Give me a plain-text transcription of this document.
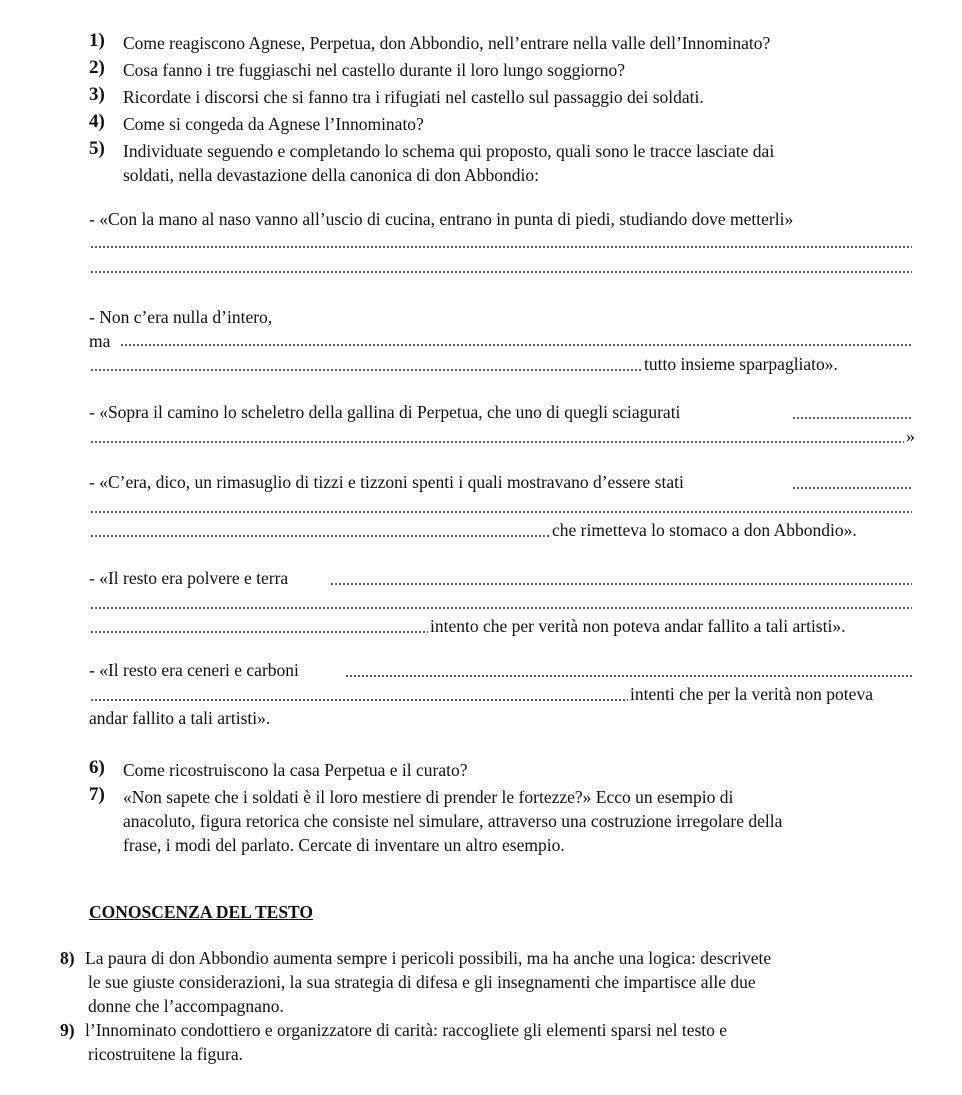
1) Come reagiscono Agnese, Perpetua, don Abbondio, nell’entrare nella valle dell’Innominato?
2) Cosa fanno i tre fuggiaschi nel castello durante il loro lungo soggiorno?
3) Ricordate i discorsi che si fanno tra i rifugiati nel castello sul passaggio dei soldati.
4) Come si congeda da Agnese l’Innominato?
5) Individuate seguendo e completando lo schema qui proposto, quali sono le tracce lasciate dai
soldati, nella devastazione della canonica di don Abbondio:
- «Con la mano al naso vanno all’uscio di cucina, entrano in punta di piedi, studiando dove metterli»
- Non c’era nulla d’intero,
ma
tutto insieme sparpagliato».
- «Sopra il camino lo scheletro della gallina di Perpetua, che uno di quegli sciagurati
»
- «C’era, dico, un rimasuglio di tizzi e tizzoni spenti i quali mostravano d’essere stati
che rimetteva lo stomaco a don Abbondio».
- «Il resto era polvere e terra
intento che per verità non poteva andar fallito a tali artisti».
- «Il resto era ceneri e carboni
intenti che per la verità non poteva
andar fallito a tali artisti».
6) Come ricostruiscono la casa Perpetua e il curato?
7) «Non sapete che i soldati è il loro mestiere di prender le fortezze?» Ecco un esempio di
anacoluto, figura retorica che consiste nel simulare, attraverso una costruzione irregolare della
frase, i modi del parlato. Cercate di inventare un altro esempio.
CONOSCENZA DEL TESTO
8) La paura di don Abbondio aumenta sempre i pericoli possibili, ma ha anche una logica: descrivete
le sue giuste considerazioni, la sua strategia di difesa e gli insegnamenti che impartisce alle due
donne che l’accompagnano.
9) l’Innominato condottiero e organizzatore di carità: raccogliete gli elementi sparsi nel testo e
ricostruitene la figura.
